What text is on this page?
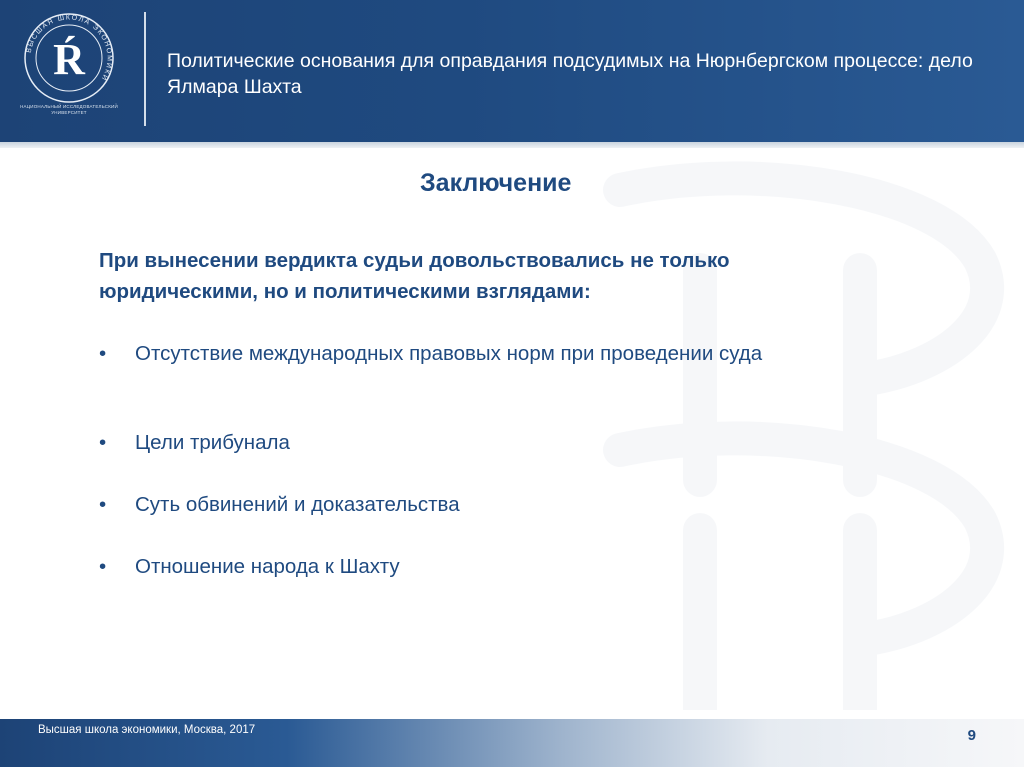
ВЫСШАЯ ШКОЛА ЭКОНОМИКИ
Ŕ
НАЦИОНАЛЬНЫЙ ИССЛЕДОВАТЕЛЬСКИЙ УНИВЕРСИТЕТ
Политические основания для оправдания подсудимых на Нюрнбергском процессе: дело Ялмара Шахта
Заключение
При вынесении вердикта судьи довольствовались не только юридическими, но и политическими взглядами:
•	Отсутствие международных правовых норм при проведении суда
•	Цели трибунала
•	Суть обвинений и доказательства
•	Отношение народа к Шахту
Высшая школа экономики, Москва, 2017	9
